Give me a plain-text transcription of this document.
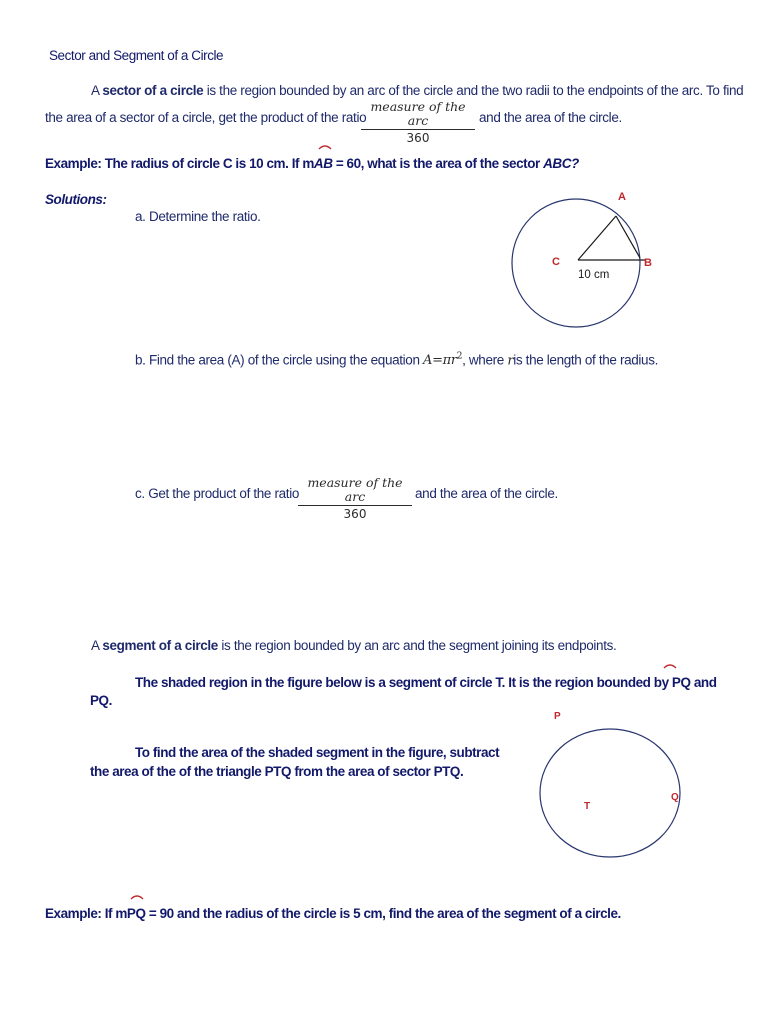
Sector and Segment of a Circle
A sector of a circle is the region bounded by an arc of the circle and the two radii to the endpoints of the arc. To find
the area of a sector of a circle, get the product of the ratio
measure of the arc
360
and the area of the circle.
Example: The radius of circle C is 10 cm. If mAB = 60, what is the area of the sector ABC?
Solutions:
a. Determine the ratio.
A
B
C
10 cm
b. Find the area (A) of the circle using the equation $A=\pi r^2$, where ris the length of the radius.
c. Get the product of the ratio
measure of the arc
360
and the area of the circle.
A segment of a circle is the region bounded by an arc and the segment joining its endpoints.
The shaded region in the figure below is a segment of circle T. It is the region bounded by PQ and
PQ.
To find the area of the shaded segment in the figure, subtract
the area of the of the triangle PTQ from the area of sector PTQ.
P
Q
T
Example: If mPQ = 90 and the radius of the circle is 5 cm, find the area of the segment of a circle.
